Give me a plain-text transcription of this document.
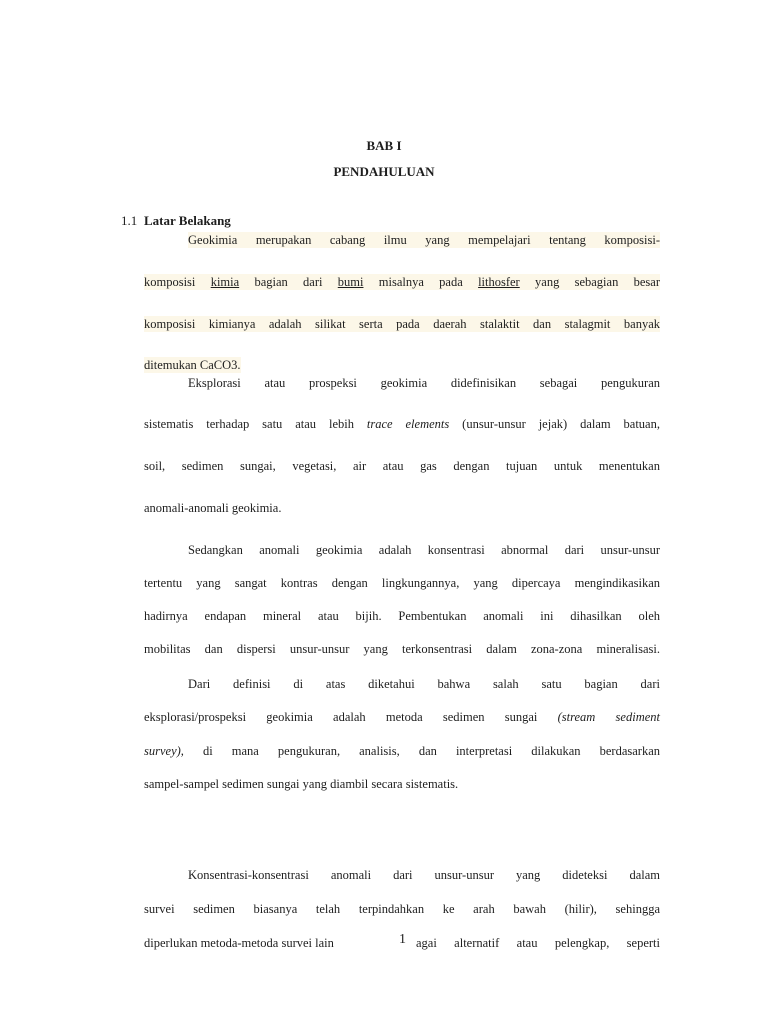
BAB I
PENDAHULUAN
1.1 Latar Belakang
Geokimia merupakan cabang ilmu yang mempelajari tentang komposisi-
komposisi kimia bagian dari bumi misalnya pada lithosfer yang sebagian besar
komposisi kimianya adalah silikat serta pada daerah stalaktit dan stalagmit banyak
ditemukan CaCO3.
Eksplorasi atau prospeksi geokimia didefinisikan sebagai pengukuran
sistematis terhadap satu atau lebih trace elements (unsur-unsur jejak) dalam batuan,
soil, sedimen sungai, vegetasi, air atau gas dengan tujuan untuk menentukan
anomali-anomali geokimia.
Sedangkan anomali geokimia adalah konsentrasi abnormal dari unsur-unsur
tertentu yang sangat kontras dengan lingkungannya, yang dipercaya mengindikasikan
hadirnya endapan mineral atau bijih. Pembentukan anomali ini dihasilkan oleh
mobilitas dan dispersi unsur-unsur yang terkonsentrasi dalam zona-zona mineralisasi.
Dari definisi di atas diketahui bahwa salah satu bagian dari
eksplorasi/prospeksi geokimia adalah metoda sedimen sungai (stream sediment
survey), di mana pengukuran, analisis, dan interpretasi dilakukan berdasarkan
sampel-sampel sedimen sungai yang diambil secara sistematis.
Konsentrasi-konsentrasi anomali dari unsur-unsur yang dideteksi dalam
survei sedimen biasanya telah terpindahkan ke arah bawah (hilir), sehingga
diperlukan metoda-metoda survei lain	agai alternatif atau pelengkap, seperti
1
